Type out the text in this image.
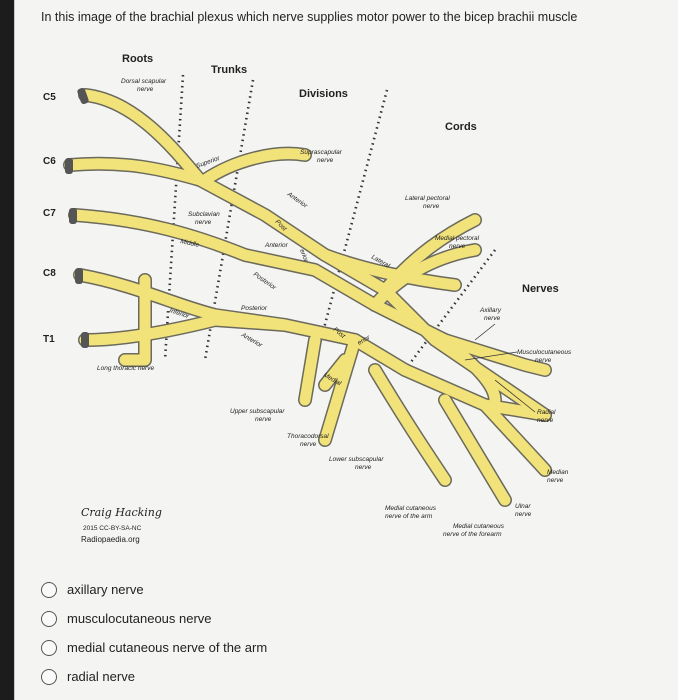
In this image of the brachial plexus which nerve supplies motor power to the bicep brachii muscle
Roots
Trunks
Divisions
Cords
Nerves
C5
C6
C7
C8
T1
Dorsal scapular
nerve
Suprascapular
nerve
Superior
Subclavian
nerve
Middle
Inferior
Anterior
Post
erior
Anterior
Posterior
Posterior
Anterior
Lateral
Post
erior
Medial
Lateral pectoral
nerve
Medial pectoral
nerve
Axillary
nerve
Musculocutaneous
nerve
Radial
nerve
Median
nerve
Ulnar
nerve
Long thoracic nerve
Upper subscapular
nerve
Thoracodorsal
nerve
Lower subscapular
nerve
Medial cutaneous
nerve of the arm
Medial cutaneous
nerve of the forearm
Craig Hacking
2015 CC-BY-SA-NC
Radiopaedia.org
axillary nerve
musculocutaneous nerve
medial cutaneous nerve of the arm
radial nerve
